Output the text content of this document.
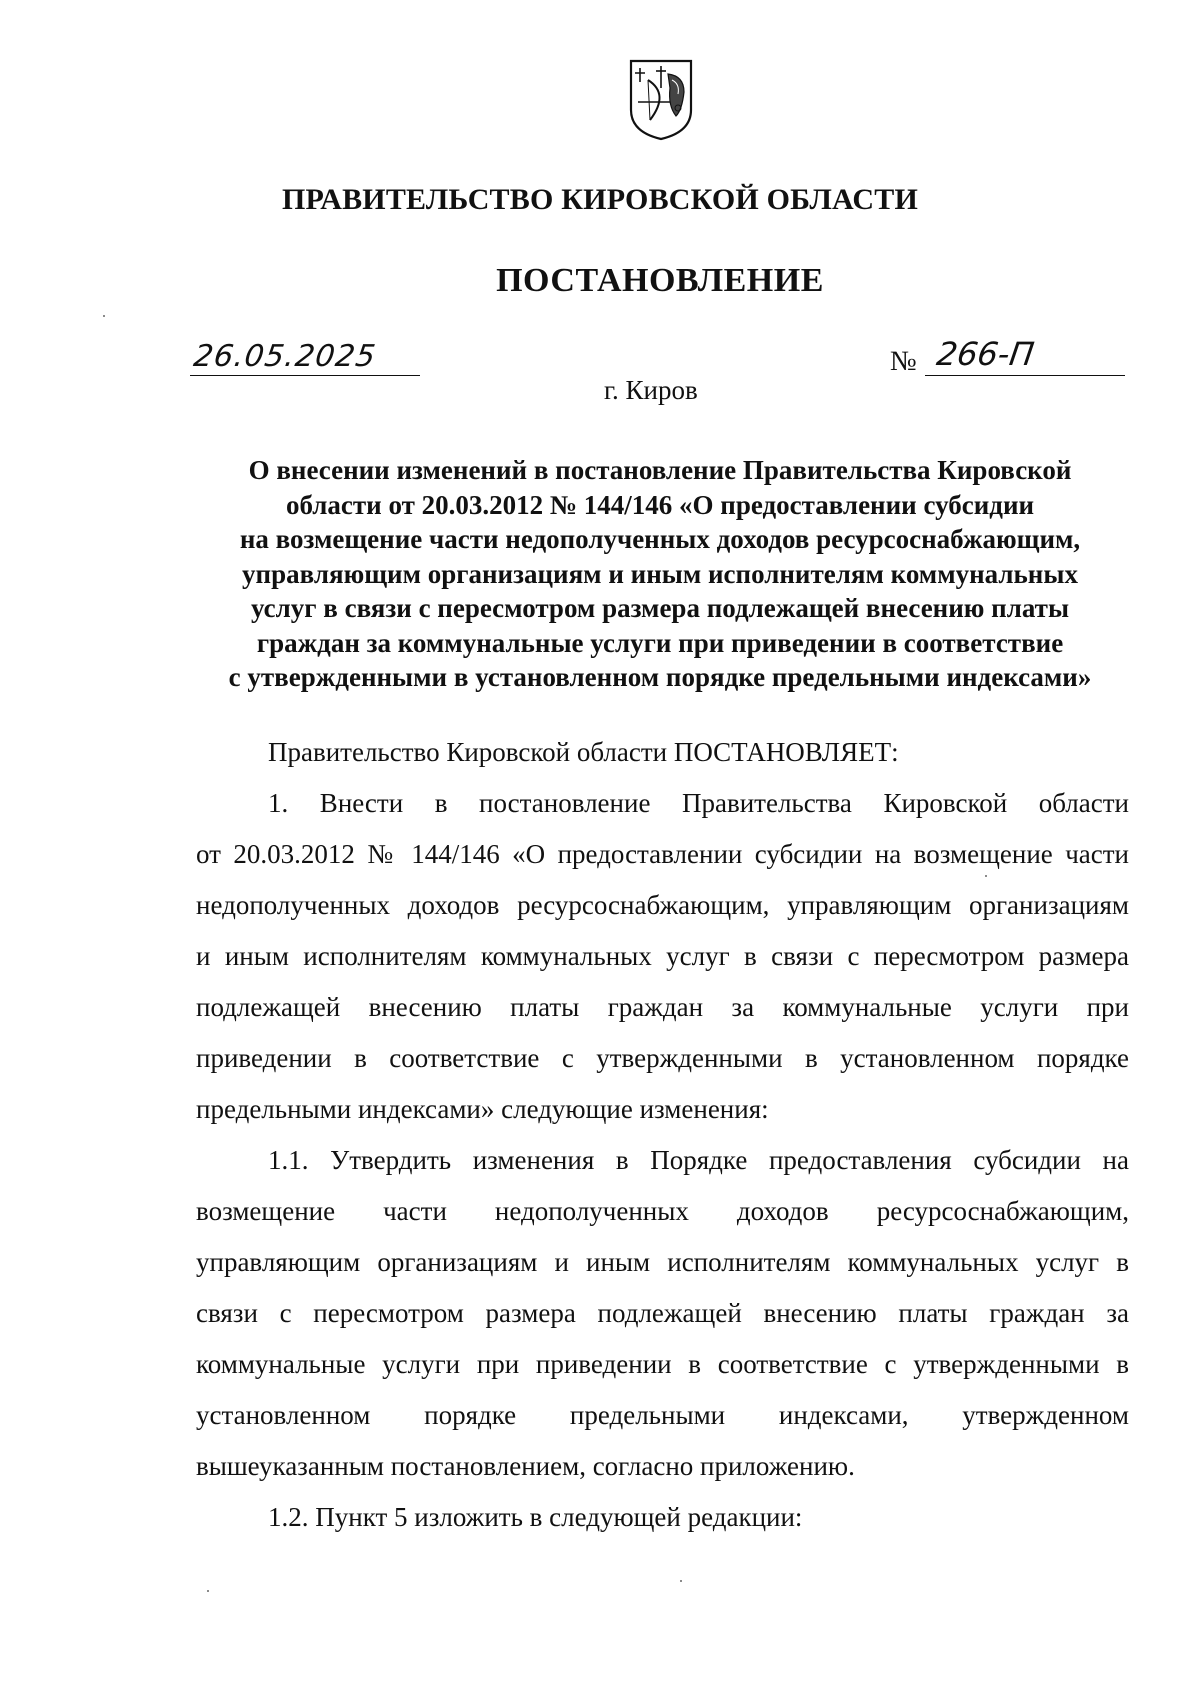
ПРАВИТЕЛЬСТВО КИРОВСКОЙ ОБЛАСТИ
ПОСТАНОВЛЕНИЕ
26.05.2025	№ 266-П
г. Киров
О внесении изменений в постановление Правительства Кировской
области от 20.03.2012 № 144/146 «О предоставлении субсидии
на возмещение части недополученных доходов ресурсоснабжающим,
управляющим организациям и иным исполнителям коммунальных
услуг в связи с пересмотром размера подлежащей внесению платы
граждан за коммунальные услуги при приведении в соответствие
с утвержденными в установленном порядке предельными индексами»
Правительство Кировской области ПОСТАНОВЛЯЕТ:
1. Внести в постановление Правительства Кировской области
от 20.03.2012 № 144/146 «О предоставлении субсидии на возмещение части
недополученных доходов ресурсоснабжающим, управляющим организациям
и иным исполнителям коммунальных услуг в связи с пересмотром размера
подлежащей внесению платы граждан за коммунальные услуги при
приведении в соответствие с утвержденными в установленном порядке
предельными индексами» следующие изменения:
1.1. Утвердить изменения в Порядке предоставления субсидии на
возмещение части недополученных доходов ресурсоснабжающим,
управляющим организациям и иным исполнителям коммунальных услуг в
связи с пересмотром размера подлежащей внесению платы граждан за
коммунальные услуги при приведении в соответствие с утвержденными в
установленном порядке предельными индексами, утвержденном
вышеуказанным постановлением, согласно приложению.
1.2. Пункт 5 изложить в следующей редакции:
